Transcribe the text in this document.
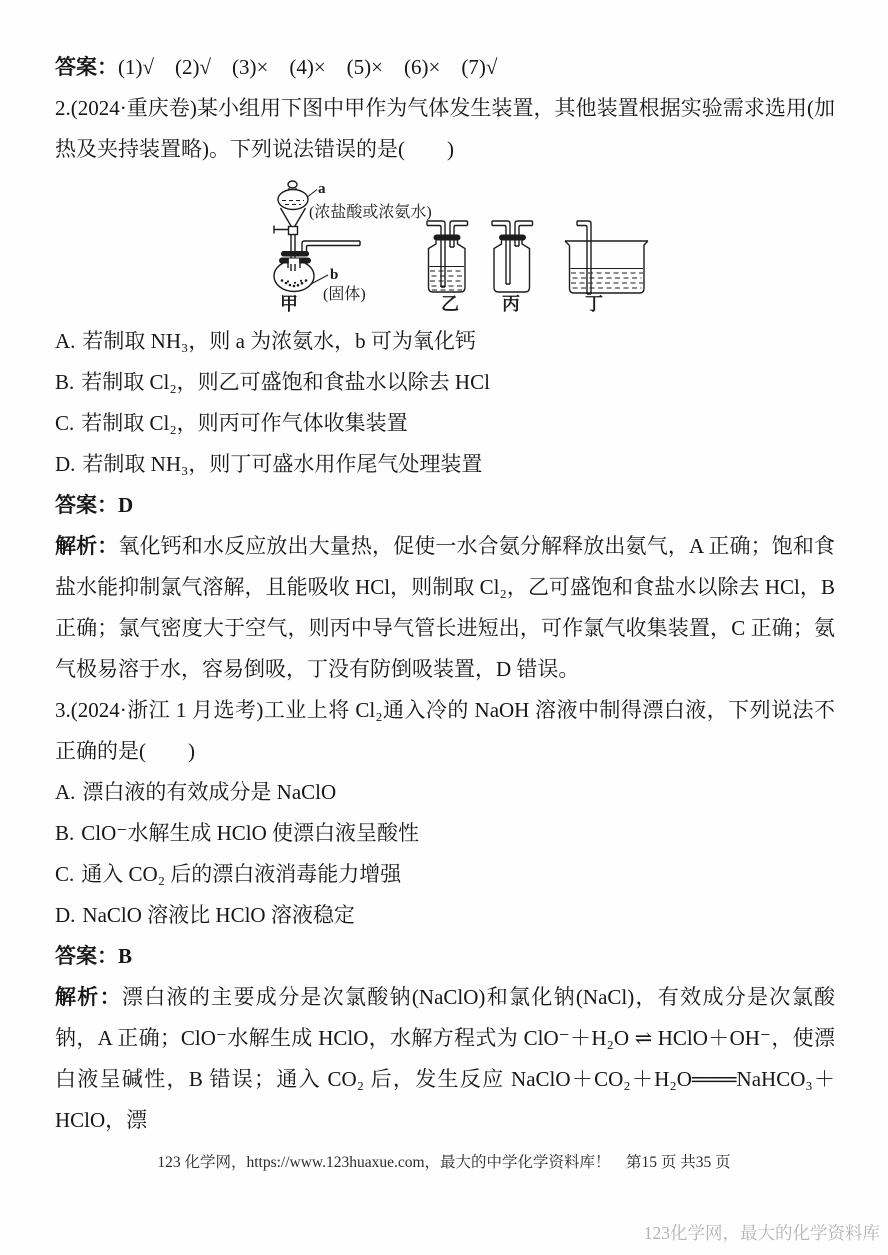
答案：(1)√　(2)√　(3)×　(4)×　(5)×　(6)×　(7)√

2.(2024·重庆卷)某小组用下图中甲作为气体发生装置，其他装置根据实验需求选用(加热及夹持装置略)。下列说法错误的是(　　)

a
(浓盐酸或浓氨水)
b
(固体)
甲	乙 丙	丁

A. 若制取 NH₃，则 a 为浓氨水，b 可为氧化钙

B. 若制取 Cl₂，则乙可盛饱和食盐水以除去 HCl

C. 若制取 Cl₂，则丙可作气体收集装置

D. 若制取 NH₃，则丁可盛水用作尾气处理装置

答案：D

解析：氧化钙和水反应放出大量热，促使一水合氨分解释放出氨气，A 正确；饱和食盐水能抑制氯气溶解，且能吸收 HCl，则制取 Cl₂，乙可盛饱和食盐水以除去 HCl，B 正确；氯气密度大于空气，则丙中导气管长进短出，可作氯气收集装置，C 正确；氨气极易溶于水，容易倒吸，丁没有防倒吸装置，D 错误。

3.(2024·浙江 1 月选考)工业上将 Cl₂通入冷的 NaOH 溶液中制得漂白液，下列说法不正确的是(　　)

A. 漂白液的有效成分是 NaClO

B. ClO⁻水解生成 HClO 使漂白液呈酸性

C. 通入 CO₂ 后的漂白液消毒能力增强

D. NaClO 溶液比 HClO 溶液稳定

答案：B

解析：漂白液的主要成分是次氯酸钠(NaClO)和氯化钠(NaCl)，有效成分是次氯酸钠，A 正确；ClO⁻水解生成 HClO，水解方程式为 ClO⁻＋H₂O ⇌ HClO＋OH⁻，使漂白液呈碱性，B 错误；通入 CO₂ 后，发生反应 NaClO＋CO₂＋H₂O═══NaHCO₃＋HClO，漂

123 化学网，https://www.123huaxue.com，最大的中学化学资料库！　第15 页 共35 页
123化学网，最大的化学资料库
